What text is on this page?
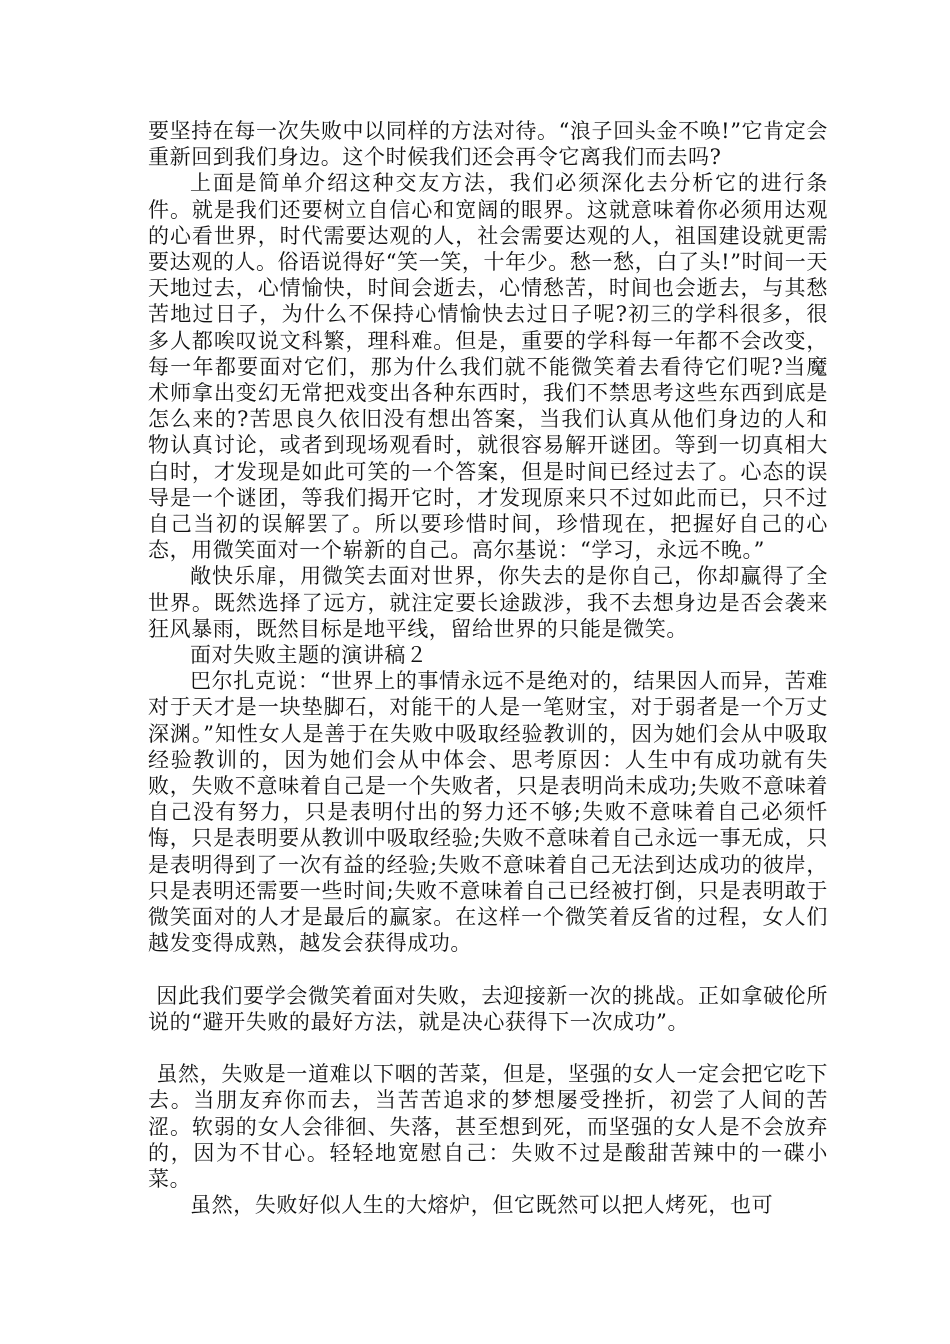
要坚持在每一次失败中以同样的方法对待。“浪子回头金不唤!”它肯定会重新回到我们身边。这个时候我们还会再令它离我们而去吗?

上面是简单介绍这种交友方法，我们必须深化去分析它的进行条件。就是我们还要树立自信心和宽阔的眼界。这就意味着你必须用达观的心看世界，时代需要达观的人，社会需要达观的人，祖国建设就更需要达观的人。俗语说得好“笑一笑，十年少。愁一愁，白了头!”时间一天天地过去，心情愉快，时间会逝去，心情愁苦，时间也会逝去，与其愁苦地过日子，为什么不保持心情愉快去过日子呢?初三的学科很多，很多人都唉叹说文科繁，理科难。但是，重要的学科每一年都不会改变，每一年都要面对它们，那为什么我们就不能微笑着去看待它们呢?当魔术师拿出变幻无常把戏变出各种东西时，我们不禁思考这些东西到底是怎么来的?苦思良久依旧没有想出答案，当我们认真从他们身边的人和物认真讨论，或者到现场观看时，就很容易解开谜团。等到一切真相大白时，才发现是如此可笑的一个答案，但是时间已经过去了。心态的误导是一个谜团，等我们揭开它时，才发现原来只不过如此而已，只不过自己当初的误解罢了。所以要珍惜时间，珍惜现在，把握好自己的心态，用微笑面对一个崭新的自己。高尔基说：“学习，永远不晚。”

敞快乐扉，用微笑去面对世界，你失去的是你自己，你却赢得了全世界。既然选择了远方，就注定要长途跋涉，我不去想身边是否会袭来狂风暴雨，既然目标是地平线，留给世界的只能是微笑。

面对失败主题的演讲稿２

巴尔扎克说：“世界上的事情永远不是绝对的，结果因人而异，苦难对于天才是一块垫脚石，对能干的人是一笔财宝，对于弱者是一个万丈深渊。”知性女人是善于在失败中吸取经验教训的，因为她们会从中吸取经验教训的，因为她们会从中体会、思考原因：人生中有成功就有失败，失败不意味着自己是一个失败者，只是表明尚未成功;失败不意味着自己没有努力，只是表明付出的努力还不够;失败不意味着自己必须忏悔，只是表明要从教训中吸取经验;失败不意味着自己永远一事无成，只是表明得到了一次有益的经验;失败不意味着自己无法到达成功的彼岸，只是表明还需要一些时间;失败不意味着自己已经被打倒，只是表明敢于微笑面对的人才是最后的赢家。在这样一个微笑着反省的过程，女人们越发变得成熟，越发会获得成功。

因此我们要学会微笑着面对失败，去迎接新一次的挑战。正如拿破伦所说的“避开失败的最好方法，就是决心获得下一次成功”。

虽然，失败是一道难以下咽的苦菜，但是，坚强的女人一定会把它吃下去。当朋友弃你而去，当苦苦追求的梦想屡受挫折，初尝了人间的苦涩。软弱的女人会徘徊、失落，甚至想到死，而坚强的女人是不会放弃的，因为不甘心。轻轻地宽慰自己：失败不过是酸甜苦辣中的一碟小菜。

虽然，失败好似人生的大熔炉，但它既然可以把人烤死，也可
